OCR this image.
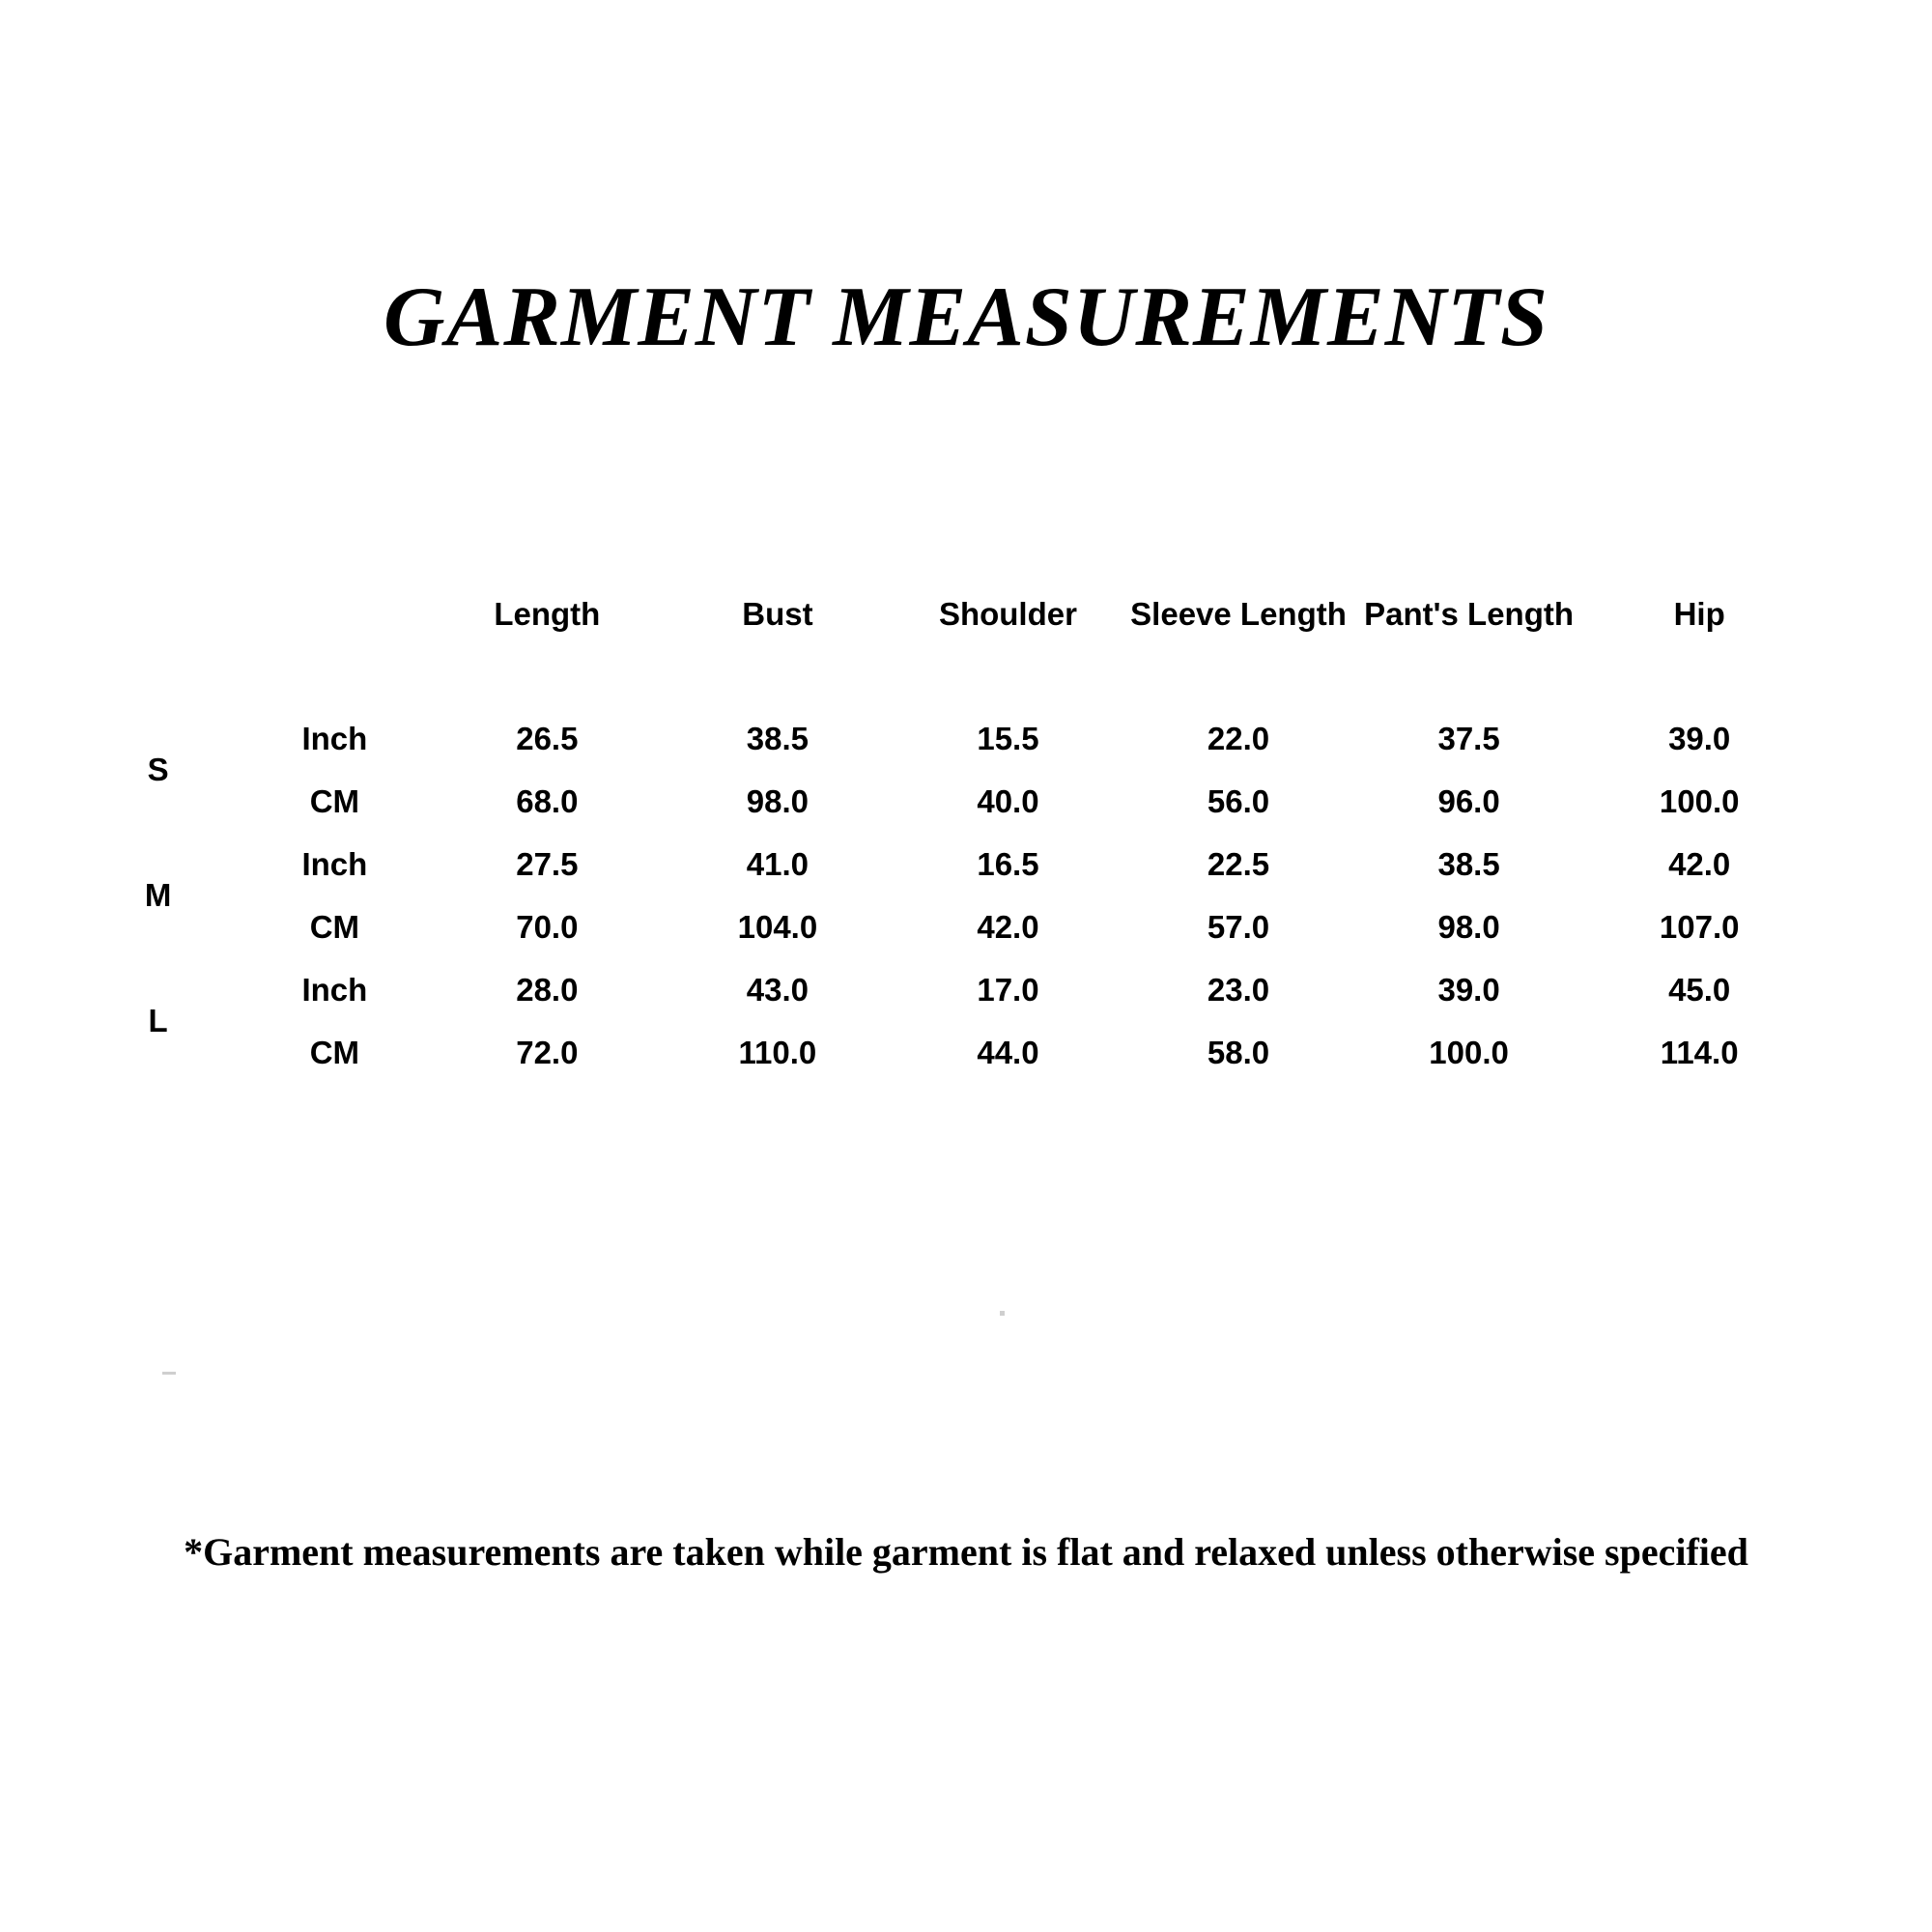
GARMENT MEASUREMENTS
Unit: $\frac{\text{Inch}}{CM}$		Length	Bust	Shoulder	Sleeve Length	Pant's Length	Hip
S	Inch	26.5	38.5	15.5	22.0	37.5	39.0
	CM	68.0	98.0	40.0	56.0	96.0	100.0
M	Inch	27.5	41.0	16.5	22.5	38.5	42.0
	CM	70.0	104.0	42.0	57.0	98.0	107.0
L	Inch	28.0	43.0	17.0	23.0	39.0	45.0
	CM	72.0	110.0	44.0	58.0	100.0	114.0
*Garment measurements are taken while garment is flat and relaxed unless otherwise specified
